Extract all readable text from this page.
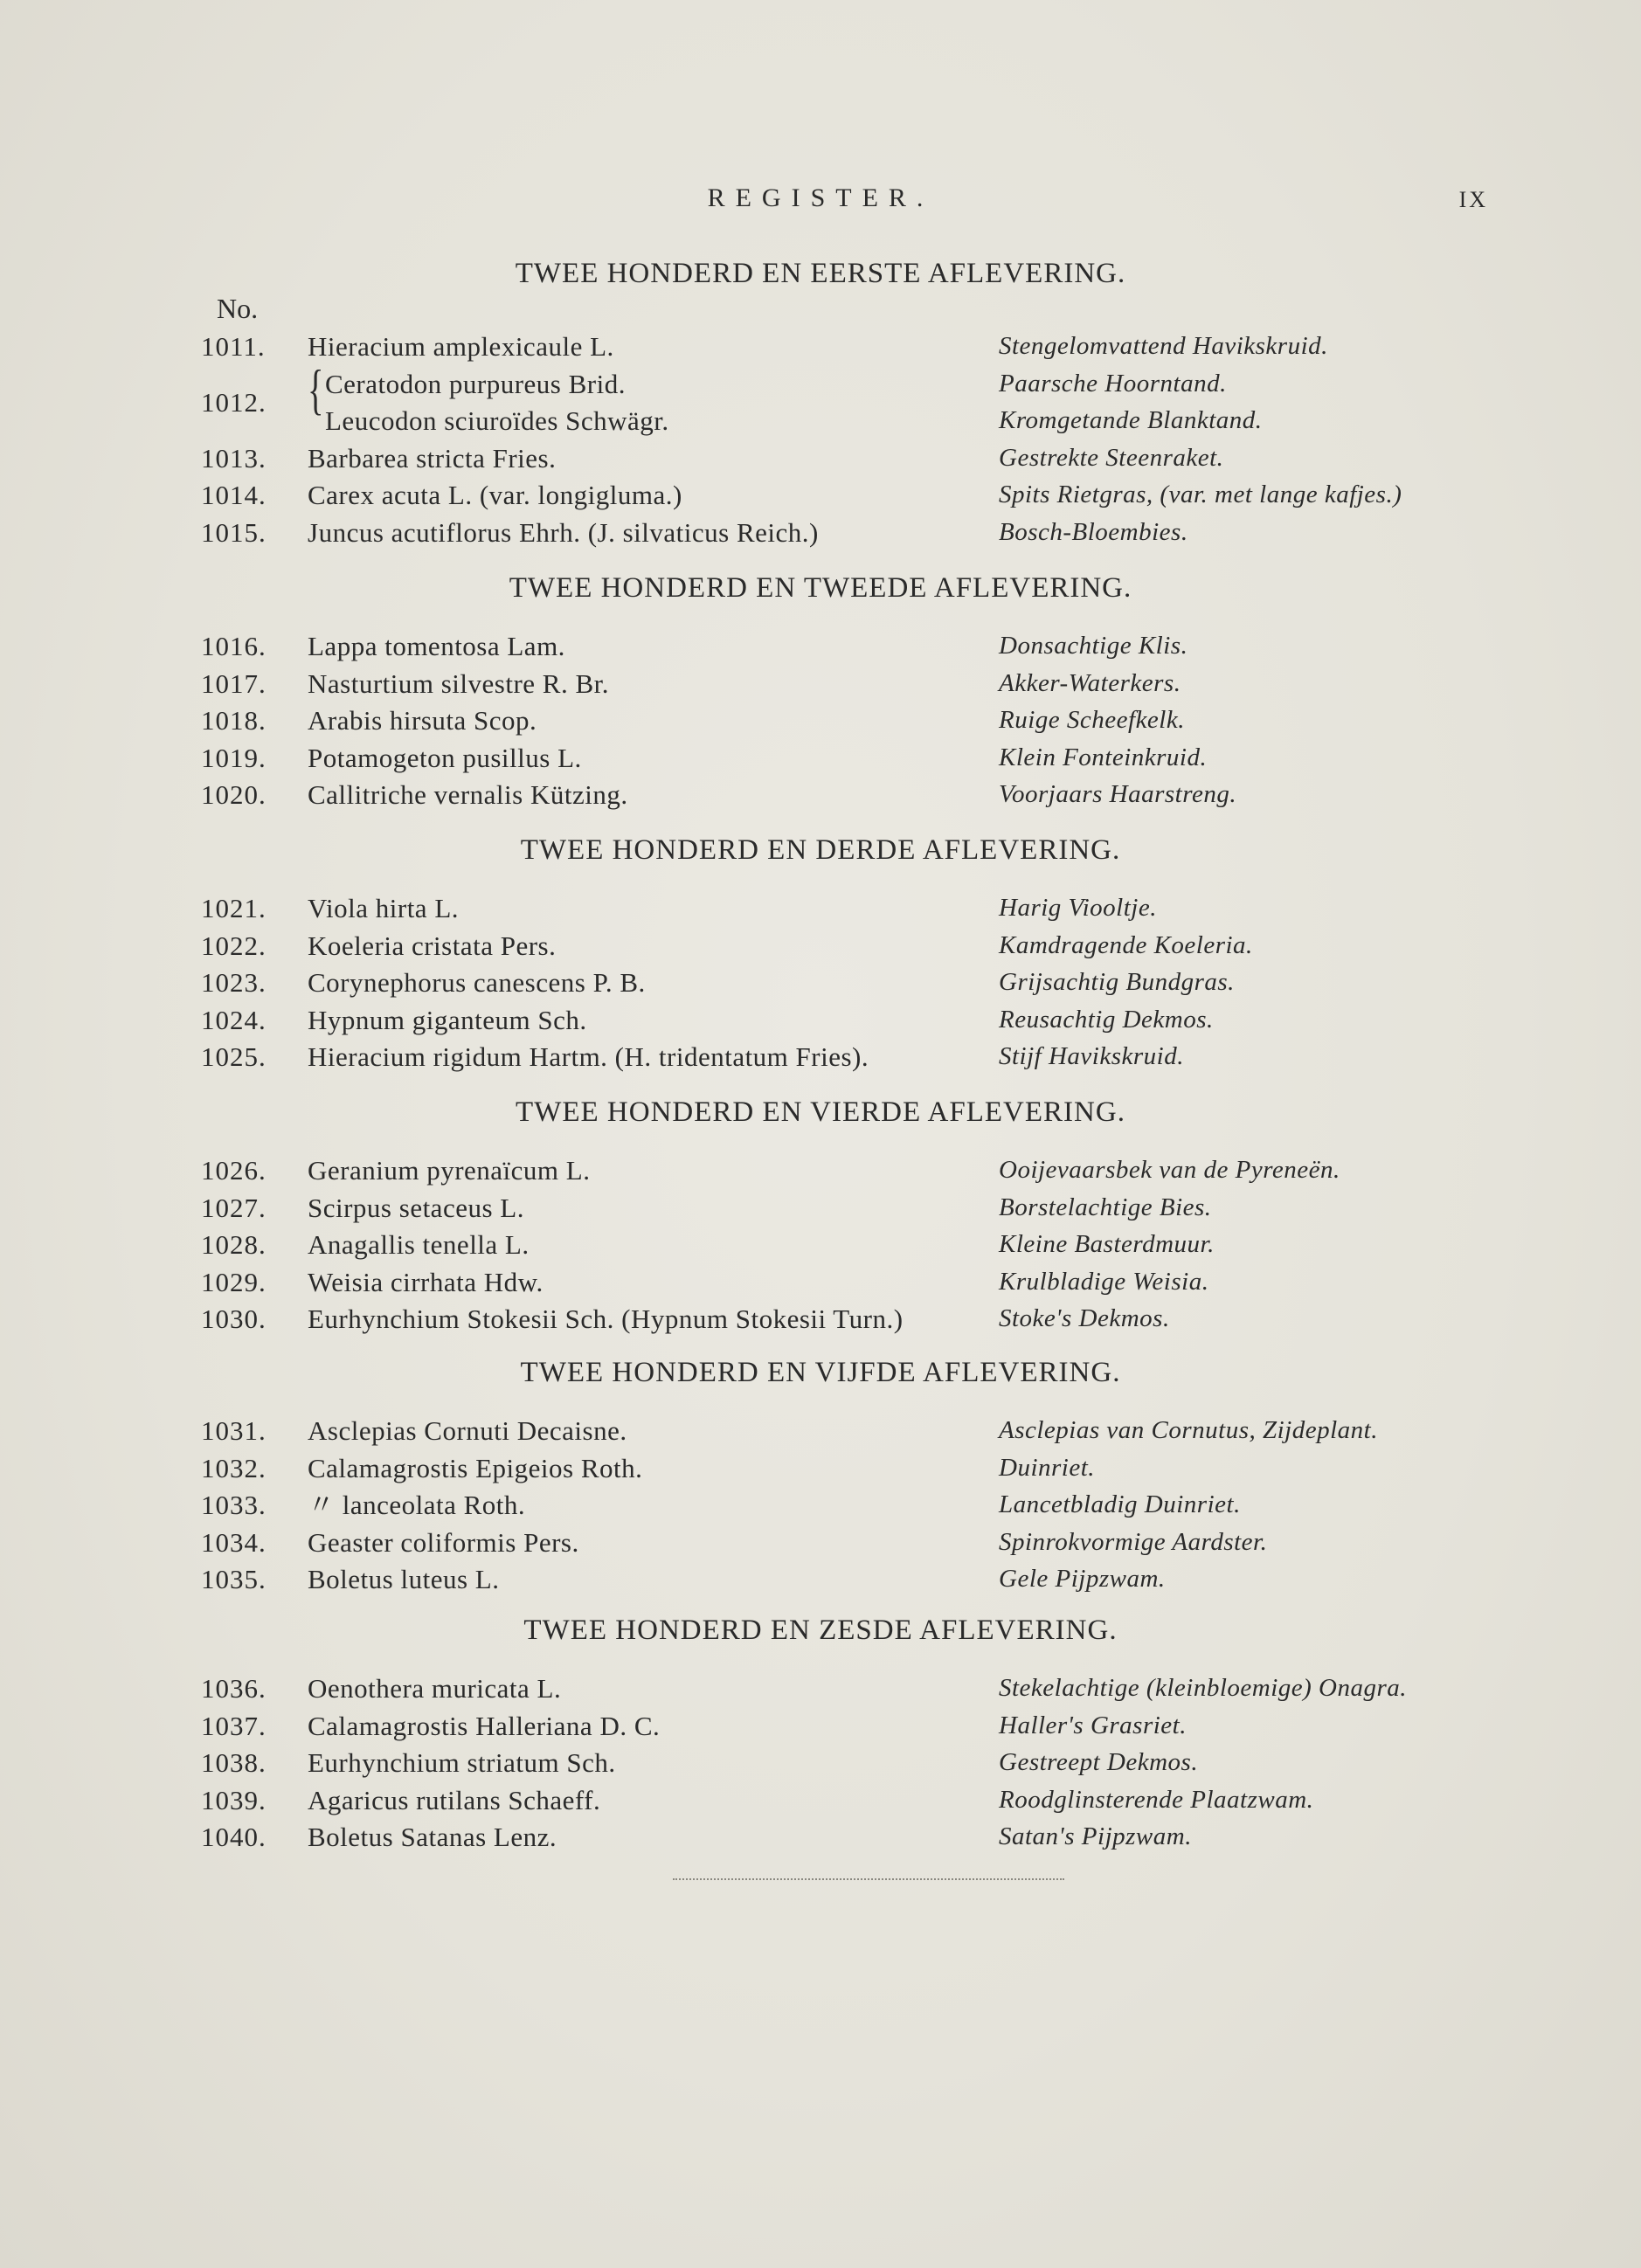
REGISTER.	IX
No.
TWEE HONDERD EN EERSTE AFLEVERING.
1011. Hieracium amplexicaule L.	Stengelomvattend Havikskruid.
1012. { Ceratodon purpureus Brid.	Paarsche Hoorntand.
Leucodon sciuroïdes Schwägr.	Kromgetande Blanktand.
1013. Barbarea stricta Fries.	Gestrekte Steenraket.
1014. Carex acuta L. (var. longigluma.)	Spits Rietgras, (var. met lange kafjes.)
1015. Juncus acutiflorus Ehrh. (J. silvaticus Reich.)	Bosch-Bloembies.
TWEE HONDERD EN TWEEDE AFLEVERING.
1016. Lappa tomentosa Lam.	Donsachtige Klis.
1017. Nasturtium silvestre R. Br.	Akker-Waterkers.
1018. Arabis hirsuta Scop.	Ruige Scheefkelk.
1019. Potamogeton pusillus L.	Klein Fonteinkruid.
1020. Callitriche vernalis Kützing.	Voorjaars Haarstreng.
TWEE HONDERD EN DERDE AFLEVERING.
1021. Viola hirta L.	Harig Viooltje.
1022. Koeleria cristata Pers.	Kamdragende Koeleria.
1023. Corynephorus canescens P. B.	Grijsachtig Bundgras.
1024. Hypnum giganteum Sch.	Reusachtig Dekmos.
1025. Hieracium rigidum Hartm. (H. tridentatum Fries).	Stijf Havikskruid.
TWEE HONDERD EN VIERDE AFLEVERING.
1026. Geranium pyrenaïcum L.	Ooijevaarsbek van de Pyreneën.
1027. Scirpus setaceus L.	Borstelachtige Bies.
1028. Anagallis tenella L.	Kleine Basterdmuur.
1029. Weisia cirrhata Hdw.	Krulbladige Weisia.
1030. Eurhynchium Stokesii Sch. (Hypnum Stokesii Turn.)	Stoke's Dekmos.
TWEE HONDERD EN VIJFDE AFLEVERING.
1031. Asclepias Cornuti Decaisne.	Asclepias van Cornutus, Zijdeplant.
1032. Calamagrostis Epigeios Roth.	Duinriet.
1033. 〃 lanceolata Roth.	Lancetbladig Duinriet.
1034. Geaster coliformis Pers.	Spinrokvormige Aardster.
1035. Boletus luteus L.	Gele Pijpzwam.
TWEE HONDERD EN ZESDE AFLEVERING.
1036. Oenothera muricata L.	Stekelachtige (kleinbloemige) Onagra.
1037. Calamagrostis Halleriana D. C.	Haller's Grasriet.
1038. Eurhynchium striatum Sch.	Gestreept Dekmos.
1039. Agaricus rutilans Schaeff.	Roodglinsterende Plaatzwam.
1040. Boletus Satanas Lenz.	Satan's Pijpzwam.
